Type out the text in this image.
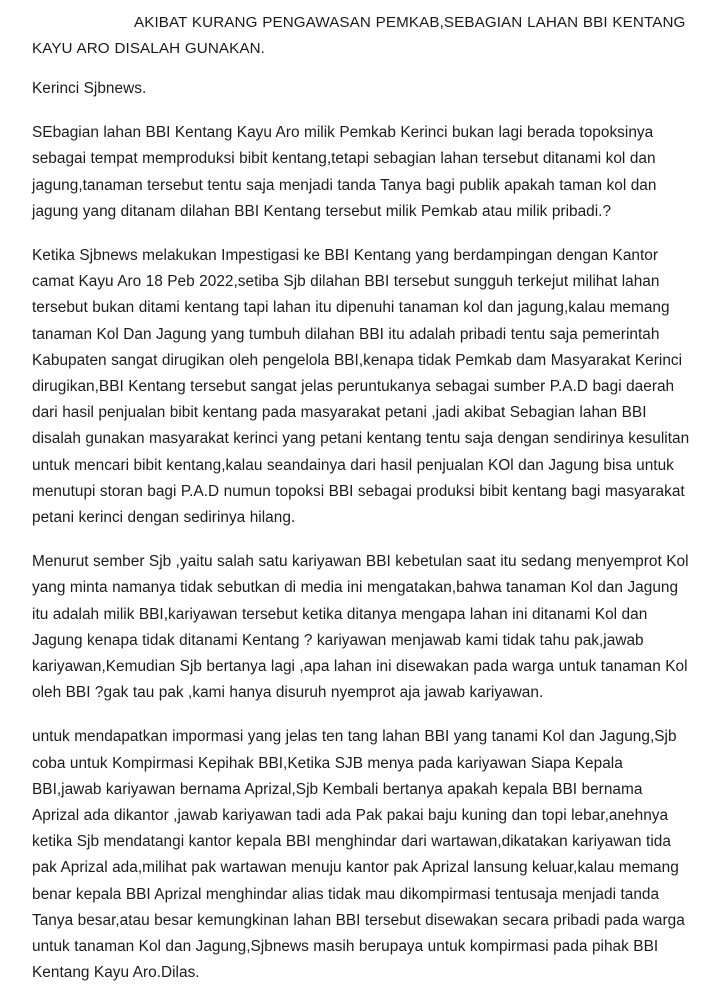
AKIBAT KURANG PENGAWASAN PEMKAB,SEBAGIAN LAHAN BBI KENTANG KAYU ARO DISALAH GUNAKAN.

Kerinci Sjbnews.

SEbagian lahan BBI Kentang Kayu Aro milik Pemkab Kerinci bukan lagi berada topoksinya sebagai tempat memproduksi bibit kentang,tetapi sebagian lahan tersebut ditanami kol dan jagung,tanaman tersebut tentu saja menjadi tanda Tanya bagi publik apakah taman kol dan jagung yang ditanam dilahan BBI Kentang tersebut milik Pemkab atau milik pribadi.?

Ketika Sjbnews melakukan Impestigasi ke BBI Kentang yang berdampingan dengan Kantor camat Kayu Aro 18 Peb 2022,setiba Sjb dilahan BBI tersebut sungguh terkejut milihat lahan tersebut bukan ditami kentang tapi lahan itu dipenuhi tanaman kol dan jagung,kalau memang tanaman Kol Dan Jagung yang tumbuh dilahan BBI itu adalah pribadi tentu saja pemerintah Kabupaten sangat dirugikan oleh pengelola BBI,kenapa tidak Pemkab dam Masyarakat Kerinci dirugikan,BBI Kentang tersebut sangat jelas peruntukanya sebagai sumber P.A.D bagi daerah dari hasil penjualan bibit kentang pada masyarakat petani ,jadi akibat Sebagian lahan BBI disalah gunakan masyarakat kerinci yang petani kentang tentu saja dengan sendirinya kesulitan untuk mencari bibit kentang,kalau seandainya dari hasil penjualan KOl dan Jagung bisa untuk menutupi storan bagi P.A.D numun topoksi BBI sebagai produksi bibit kentang bagi masyarakat petani kerinci dengan sedirinya hilang.

Menurut sember Sjb ,yaitu salah satu kariyawan BBI kebetulan saat itu sedang menyemprot Kol yang minta namanya tidak sebutkan di media ini mengatakan,bahwa tanaman Kol dan Jagung itu adalah milik BBI,kariyawan tersebut ketika ditanya mengapa lahan ini ditanami Kol dan Jagung kenapa tidak ditanami Kentang ? kariyawan menjawab kami tidak tahu pak,jawab kariyawan,Kemudian Sjb bertanya lagi ,apa lahan ini disewakan pada warga untuk tanaman Kol oleh BBI ?gak tau pak ,kami hanya disuruh nyemprot aja jawab kariyawan.

untuk mendapatkan impormasi yang jelas ten tang lahan BBI yang tanami Kol dan Jagung,Sjb coba untuk Kompirmasi Kepihak BBI,Ketika SJB menya pada kariyawan Siapa Kepala BBI,jawab kariyawan bernama Aprizal,Sjb Kembali bertanya apakah kepala BBI bernama Aprizal ada dikantor ,jawab kariyawan tadi ada Pak pakai baju kuning dan topi lebar,anehnya ketika Sjb mendatangi kantor kepala BBI menghindar dari wartawan,dikatakan kariyawan tida pak Aprizal ada,milihat pak wartawan menuju kantor pak Aprizal lansung keluar,kalau memang benar kepala BBI Aprizal menghindar alias tidak mau dikompirmasi tentusaja menjadi tanda Tanya besar,atau besar kemungkinan lahan BBI tersebut disewakan secara pribadi pada warga untuk tanaman Kol dan Jagung,Sjbnews masih berupaya untuk kompirmasi pada pihak BBI Kentang Kayu Aro.Dilas.
